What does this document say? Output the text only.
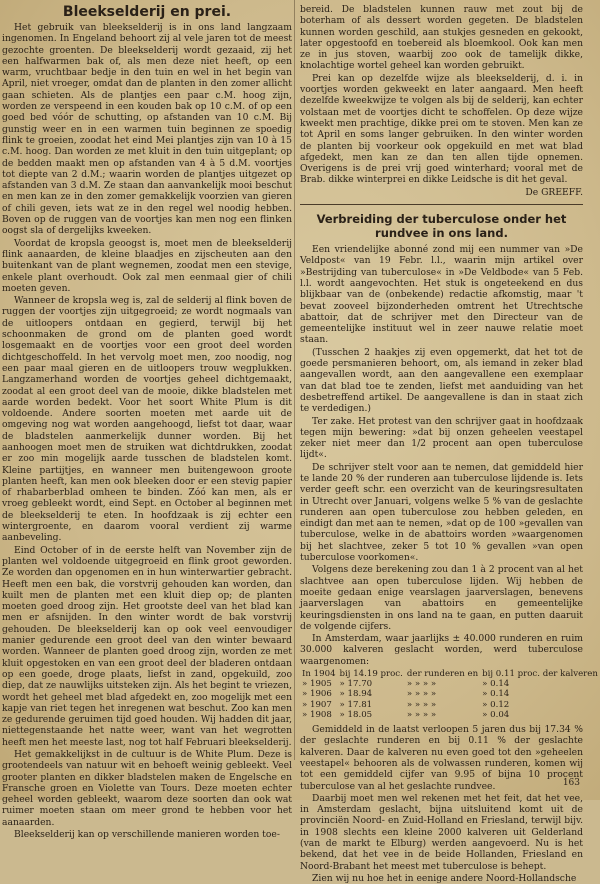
Bleekselderij en prei.

Het gebruik van bleekselderij is in ons land langzaam ingenomen. In Engeland behoort zij al vele jaren tot de meest gezochte groenten. De bleekselderij wordt gezaaid, zij het een halfwarmen bak of, als men deze niet heeft, op een warm, vruchtbaar bedje in den tuin en wel in het begin van April, niet vroeger, omdat dan de planten in den zomer allicht gaan schieten. Als de plantjes een paar c.M. hoog zijn, worden ze verspeend in een kouden bak op 10 c.M. of op een goed bed vóór de schutting, op afstanden van 10 c.M. Bij gunstig weer en in een warmen tuin beginnen ze spoedig flink te groeien, zoodat het eind Mei plantjes zijn van 10 à 15 c.M. hoog. Dan worden ze met kluit in den tuin uitgeplant; op de bedden maakt men op afstanden van 4 à 5 d.M. voortjes tot diepte van 2 d.M.; waarin worden de plantjes uitgezet op afstanden van 3 d.M. Ze staan dan aanvankelijk mooi beschut en men kan ze in den zomer gemakkelijk voorzien van gieren of chili geven, iets wat ze in den regel wel noodig hebben. Boven op de ruggen van de voortjes kan men nog een flinken oogst sla of dergelijks kweeken.

Voordat de kropsla geoogst is, moet men de bleekselderij flink aanaarden, de kleine blaadjes en zijscheuten aan den buitenkant van de plant wegnemen, zoodat men een stevige, enkele plant overhoudt. Ook zal men eenmaal gier of chili moeten geven.

Wanneer de kropsla weg is, zal de selderij al flink boven de ruggen der voortjes zijn uitgegroeid; ze wordt nogmaals van de uitloopers ontdaan en gegierd, terwijl bij het schoonmaken de grond om de planten goed wordt losgemaakt en de voortjes voor een groot deel worden dichtgeschoffeld. In het vervolg moet men, zoo noodig, nog een paar maal gieren en de uitloopers trouw wegplukken. Langzamerhand worden de voortjes geheel dichtgemaakt, zoodat al een groot deel van de mooie, dikke bladstelen met aarde worden bedekt. Voor het soort White Plum is dit voldoende. Andere soorten moeten met aarde uit de omgeving nog wat worden aangehoogd, liefst tot daar, waar de bladstelen aanmerkelijk dunner worden. Bij het aanhoogen moet men de struiken wat dichtdrukken, zoodat er zoo min mogelijk aarde tusschen de bladstelen komt. Kleine partijtjes, en wanneer men buitengewoon groote planten heeft, kan men ook bleeken door er een stevig papier of rhabarberblad omheen te binden. Zóó kan men, als er vroeg gebleekt wordt, eind Sept. en October al beginnen met de bleekselderij te eten. In hoofdzaak is zij echter een wintergroente, en daarom vooral verdient zij warme aanbeveling.

Eind October of in de eerste helft van November zijn de planten wel voldoende uitgegroeid en flink groot geworden. Ze worden dan opgenomen en in hun winterwartier gebracht. Heeft men een bak, die vorstvrij gehouden kan worden, dan kuilt men de planten met een kluit diep op; de planten moeten goed droog zijn. Het grootste deel van het blad kan men er afsnijden. In den winter wordt de bak vorstvrij gehouden. De bleekselderij kan op ook veel eenvoudiger manier gedurende een groot deel van den winter bewaard worden. Wanneer de planten goed droog zijn, worden ze met kluit opgestoken en van een groot deel der bladeren ontdaan op een goede, droge plaats, liefst in zand, opgekuild, zoo diep, dat ze nauwlijks uitsteken zijn. Als het begint te vriezen, wordt het geheel met blad afgedekt en, zoo mogelijk met een kapje van riet tegen het inregenen wat beschut. Zoo kan men ze gedurende geruimen tijd goed houden. Wij hadden dit jaar, niettegenstaande het natte weer, want van het wegrotten heeft men het meeste last, nog tot half Februari bleekselderij.

Het gemakkelijkst in de cultuur is de White Plum. Deze is grootendeels van natuur wit en behoeft weinig gebleekt. Veel grooter planten en dikker bladstelen maken de Engelsche en Fransche groen en Violette van Tours. Deze moeten echter geheel worden gebleekt, waarom deze soorten dan ook wat ruimer moeten staan om meer grond te hebben voor het aanaarden.

Bleekselderij kan op verschillende manieren worden toe-

bereid. De bladstelen kunnen rauw met zout bij de boterham of als dessert worden gegeten. De bladstelen kunnen worden geschild, aan stukjes gesneden en gekookt, later opgestoofd en toebereid als bloemkool. Ook kan men ze in jus stoven, waarbij zoo ook de tamelijk dikke, knolachtige wortel geheel kan worden gebruikt.

Prei kan op dezelfde wijze als bleekselderij, d. i. in voortjes worden gekweekt en later aangaard. Men heeft dezelfde kweekwijze te volgen als bij de selderij, kan echter volstaan met de voortjes dicht te schoffelen. Op deze wijze kweekt men prachtige, dikke prei om te stoven. Men kan ze tot April en soms langer gebruiken. In den winter worden de planten bij voorkeur ook opgekuild en met wat blad afgedekt, men kan ze dan ten allen tijde opnemen. Overigens is de prei vrij goed winterhard; vooral met de Brab. dikke winterprei en dikke Leidsche is dit het geval.

De GREEFF.
Verbreiding der tuberculose onder het rundvee in ons land.

Een vriendelijke abonné zond mij een nummer van »De Veldpost« van 19 Febr. l.l., waarin mijn artikel over »Bestrijding van tuberculose« in »De Veldbode« van 5 Feb. l.l. wordt aangevochten. Het stuk is ongeteekend en dus blijkbaar van de (onbekende) redactie afkomstig, maar 't bevat zooveel bijzonderheden omtrent het Utrechtsche abattoir, dat de schrijver met den Directeur van de gemeentelijke instituut wel in zeer nauwe relatie moet staan.

(Tusschen 2 haakjes zij even opgemerkt, dat het tot de goede persmanieren behoort, om, als iemand in zeker blad aangevallen wordt, aan den aangevallene een exemplaar van dat blad toe te zenden, liefst met aanduiding van het desbetreffend artikel. De aangevallene is dan in staat zich te verdedigen.)

Ter zake. Het protest van den schrijver gaat in hoofdzaak tegen mijn bewering: »dat bij onzen geheelen veestapel zeker niet meer dan 1/2 procent aan open tuberculose lijdt«.

De schrijver stelt voor aan te nemen, dat gemiddeld hier te lande 20 % der runderen aan tuberculose lijdende is. Iets verder geeft schr. een overzicht van de keuringsresultaten in Utrecht over Januari, volgens welke 5 % van de geslachte runderen aan open tuberculose zou hebben geleden, en eindigt dan met aan te nemen, »dat op de 100 »gevallen van tuberculose, welke in de abattoirs worden »waargenomen bij het slachtvee, zeker 5 tot 10 % gevallen »van open tuberculose voorkomen«.

Volgens deze berekening zou dan 1 à 2 procent van al het slachtvee aan open tuberculose lijden. Wij hebben de moeite gedaan enige vearslagen jaarverslagen, benevens jaarverslagen van abattoirs en gemeentelijke keuringsdiensten in ons land na te gaan, en putten daaruit de volgende cijfers.

In Amsterdam, waar jaarlijks ± 40.000 runderen en ruim 30.000 kalveren geslacht worden, werd tuberculose waargenomen:

In 1904	bij 14.19 proc.	der runderen en	bij 0.11 proc. der kalveren
» 1905	» 17.70	» » » »	» 0.14
» 1906	» 18.94	» » » »	» 0.14
» 1907	» 17.81	» » » »	» 0.12
» 1908	» 18.05	» » » »	» 0.04

Gemiddeld in de laatst verloopen 5 jaren dus bij 17.34 % der geslachte runderen en bij 0.11 % der geslachte kalveren. Daar de kalveren nu even goed tot den »geheelen veestapel« behooren als de volwassen runderen, komen wij tot een gemiddeld cijfer van 9.95 of bijna 10 procent tuberculose van al het geslachte rundvee.

Daarbij moet men wel rekenen met het feit, dat het vee, in Amsterdam geslacht, bijna uitsluitend komt uit de provinciën Noord- en Zuid-Holland en Friesland, terwijl bijv. in 1908 slechts een kleine 2000 kalveren uit Gelderland (van de markt te Elburg) werden aangevoerd. Nu is het bekend, dat het vee in de beide Hollanden, Friesland en Noord-Brabant het meest met tuberculose is behept.

Zien wij nu hoe het in eenige andere Noord-Hollandsche

163
